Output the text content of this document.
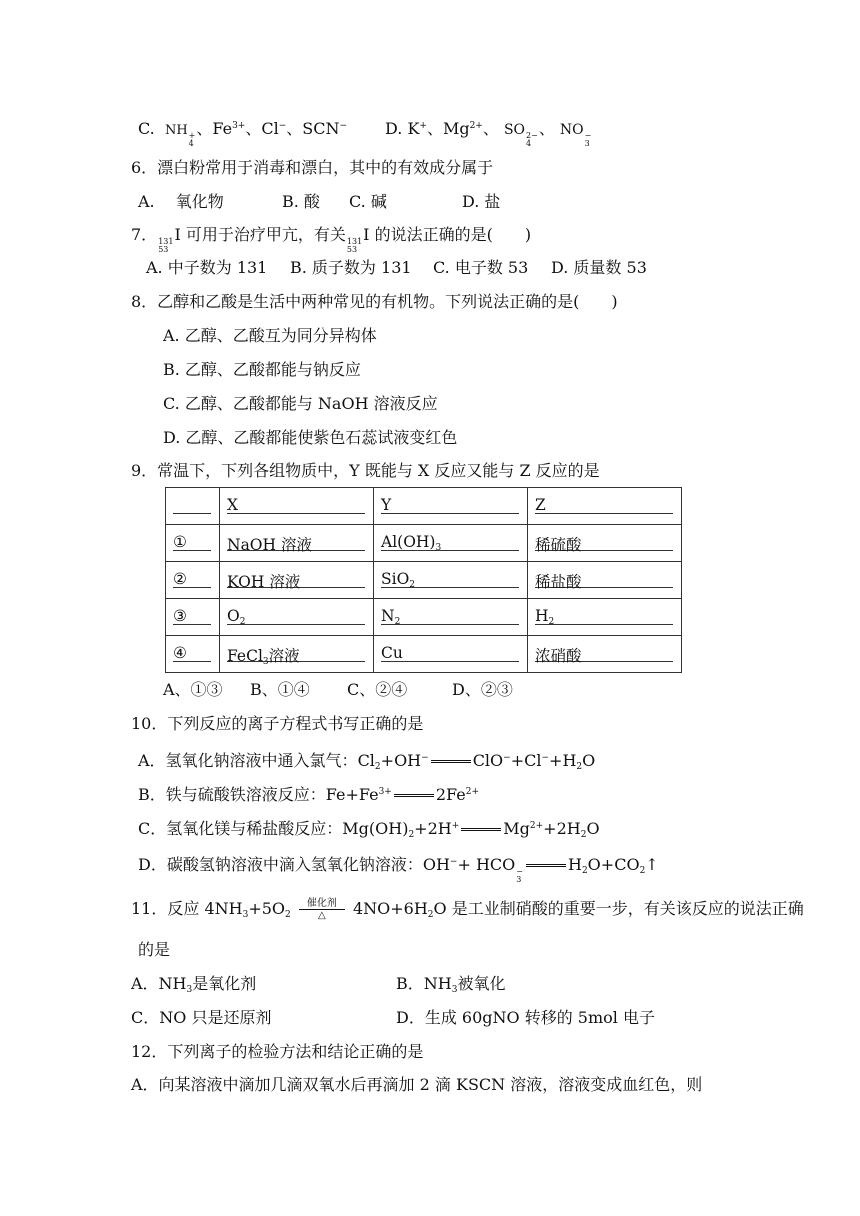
C. NH +
4
、$Fe^{3+}$、Cl−、SCN− D. K+、$Mg^{2+}$、 SO 2−
4
、 NO −
3
6．漂白粉常用于消毒和漂白，其中的有效成分属于
A.　 氧化物	B. 酸 C. 碱	D. 盐
7． 131
53
I 可用于治疗甲亢，有关 131
53
I 的说法正确的是(　　)
A. 中子数为 131 B. 质子数为 131 C. 电子数 53 D. 质量数 53
8．乙醇和乙酸是生活中两种常见的有机物。下列说法正确的是(　　)
A. 乙醇、乙酸互为同分异构体
B. 乙醇、乙酸都能与钠反应
C. 乙醇、乙酸都能与 NaOH 溶液反应
D. 乙醇、乙酸都能使紫色石蕊试液变红色
9．常温下，下列各组物质中，Y 既能与 X 反应又能与 Z 反应的是

	X	Y	Z

①	NaOH 溶液	$Al(OH)_3$	稀硫酸

②	KOH 溶液	SiO$_2$	稀盐酸

③	$O_2$	$N_2$	$H_2$

④	FeCl$_3$溶液	Cu	浓硝酸
A、①③ B、①④ C、②④	D、②③
10．下列反应的离子方程式书写正确的是
A．氢氧化钠溶液中通入氯气：$Cl_2+OH^-$	$ClO^-+Cl^-+H_2O$
B．铁与硫酸铁溶液反应：$Fe+Fe^{3+}$	$2Fe^{2+}$
C．氢氧化镁与稀盐酸反应：$Mg(OH)_2+2H^+$	$Mg^{2+}+2H_2O$
D．碳酸氢钠溶液中滴入氢氧化钠溶液：OH−+ HCO −
3
$H_2O+CO_2↑$
11．反应 $4NH_3+5O_2$
催化剂
△ $4NO+6H_2O$ 是工业制硝酸的重要一步，有关该反应的说法正确
的是
A．$NH_3$是氧化剂	B．$NH_3$被氧化
C．NO 只是还原剂	D．生成 60gNO 转移的 5mol 电子
12．下列离子的检验方法和结论正确的是
A．向某溶液中滴加几滴双氧水后再滴加 2 滴 KSCN 溶液，溶液变成血红色，则
